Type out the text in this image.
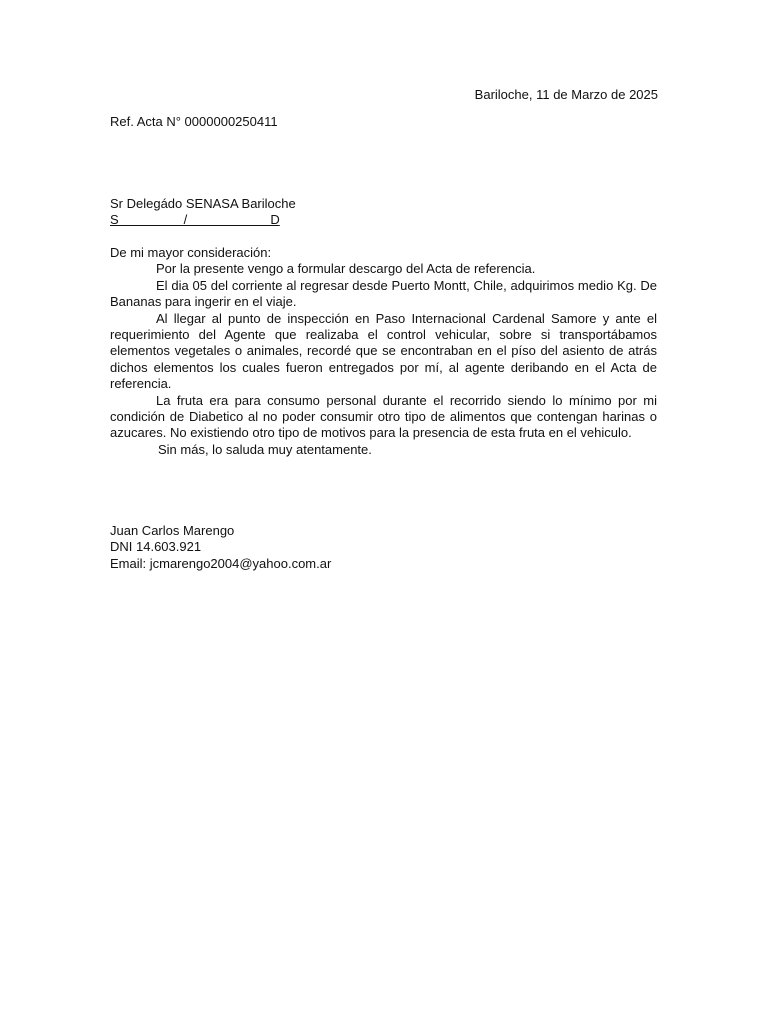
Bariloche, 11 de Marzo de 2025
Ref. Acta N° 0000000250411
Sr Delegádo SENASA Bariloche
S                  /                       D

De mi mayor consideración:

Por la presente vengo a formular descargo del Acta de referencia.

El dia 05 del corriente al regresar desde Puerto Montt, Chile, adquirimos medio Kg. De Bananas para ingerir en el viaje.

Al llegar al punto de inspección en Paso Internacional Cardenal Samore y ante el requerimiento del Agente que realizaba el control vehicular, sobre si transportábamos elementos vegetales o animales, recordé que se encontraban en el píso del asiento de atrás dichos elementos los cuales fueron entregados por mí, al agente deribando en el Acta de referencia.

La fruta era para consumo personal durante el recorrido siendo lo mínimo por mi condición de Diabetico al no poder consumir otro tipo de alimentos que contengan harinas o azucares. No existiendo otro tipo de motivos para la presencia de esta fruta en el vehiculo.

Sin más, lo saluda muy atentamente.

Juan Carlos Marengo
DNI 14.603.921
Email: jcmarengo2004@yahoo.com.ar
